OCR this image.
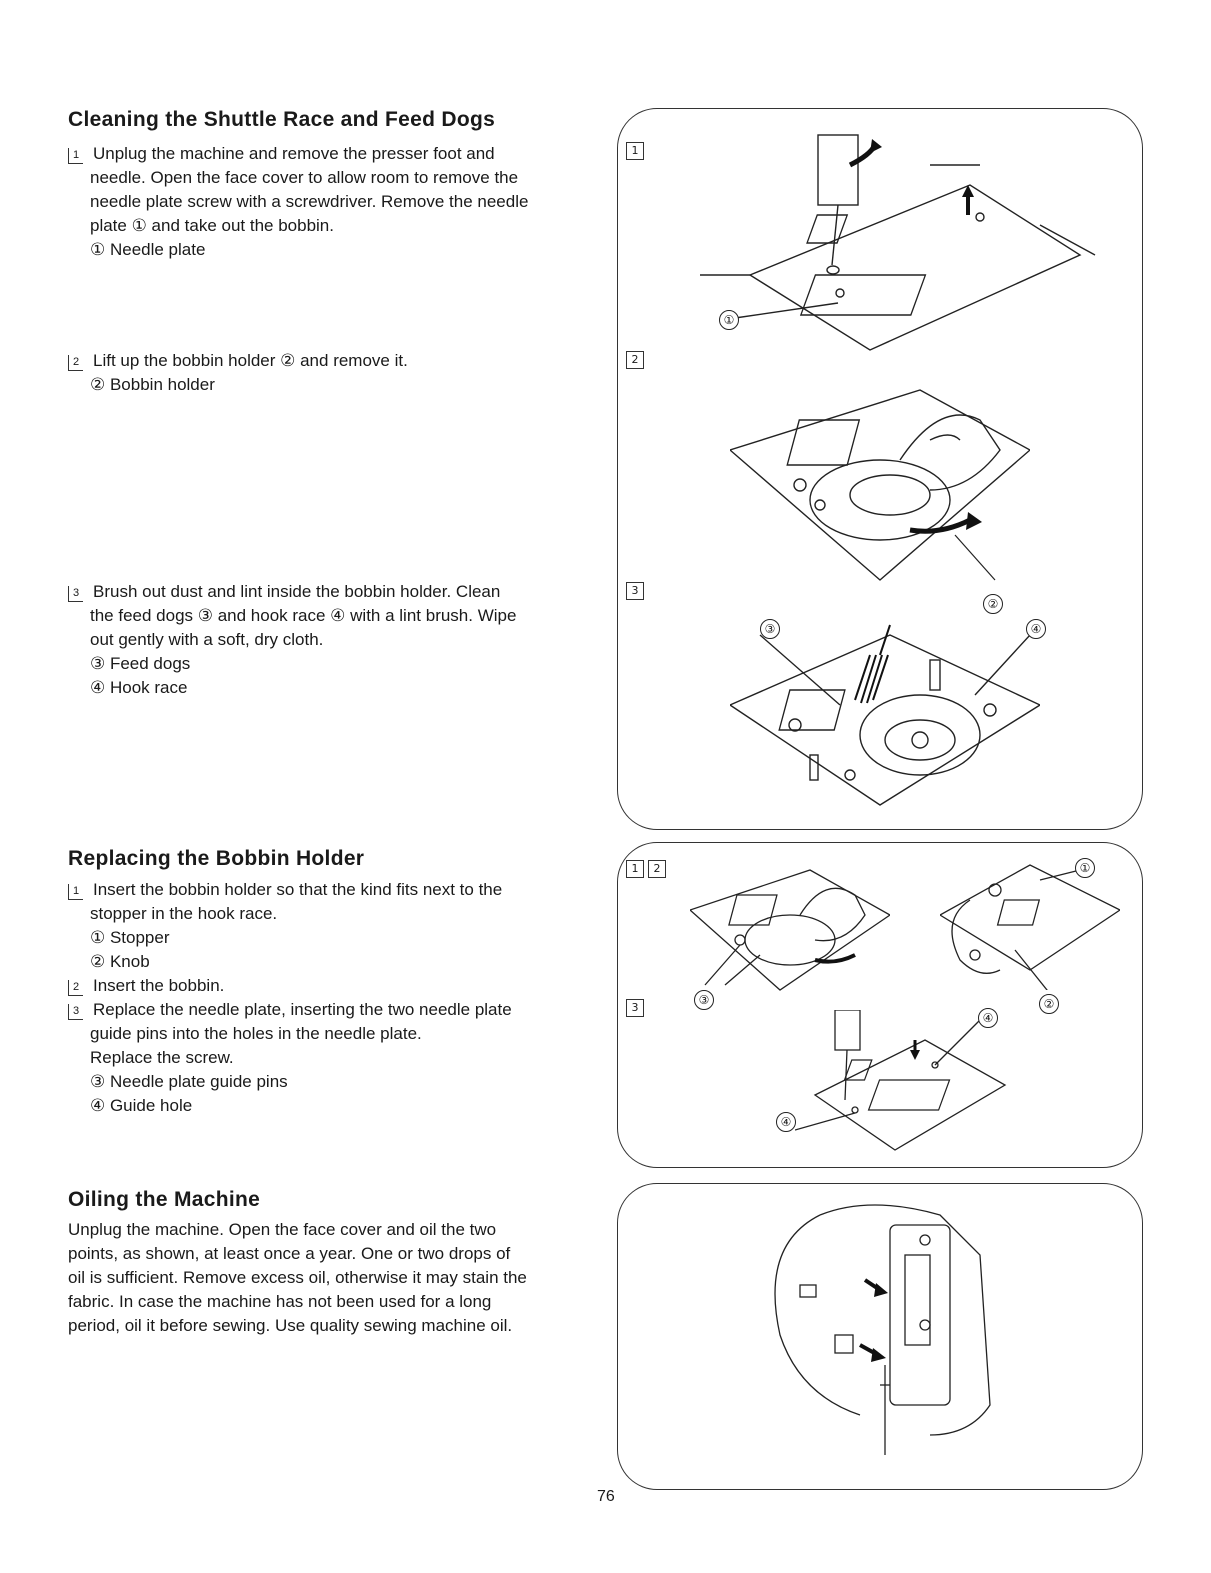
Cleaning the Shuttle Race and Feed Dogs
1 Unplug the machine and remove the presser foot and
needle. Open the face cover to allow room to remove the
needle plate screw with a screwdriver. Remove the needle
plate ① and take out the bobbin.
① Needle plate
2 Lift up the bobbin holder ② and remove it.
② Bobbin holder
3 Brush out dust and lint inside the bobbin holder. Clean
the feed dogs ③ and hook race ④ with a lint brush. Wipe
out gently with a soft, dry cloth.
③ Feed dogs
④ Hook race
Replacing the Bobbin Holder
1 Insert the bobbin holder so that the kind fits next to the
stopper in the hook race.
① Stopper
② Knob
2 Insert the bobbin.
3 Replace the needle plate, inserting the two needle plate
guide pins into the holes in the needle plate.
Replace the screw.
③ Needle plate guide pins
④ Guide hole
Oiling the Machine
Unplug the machine. Open the face cover and oil the two
points, as shown, at least once a year. One or two drops of
oil is sufficient. Remove excess oil, otherwise it may stain the
fabric. In case the machine has not been used for a long
period, oil it before sewing. Use quality sewing machine oil.
1
2
3
①
②
③	④
1	2
3
③
①
②
④
④
76
